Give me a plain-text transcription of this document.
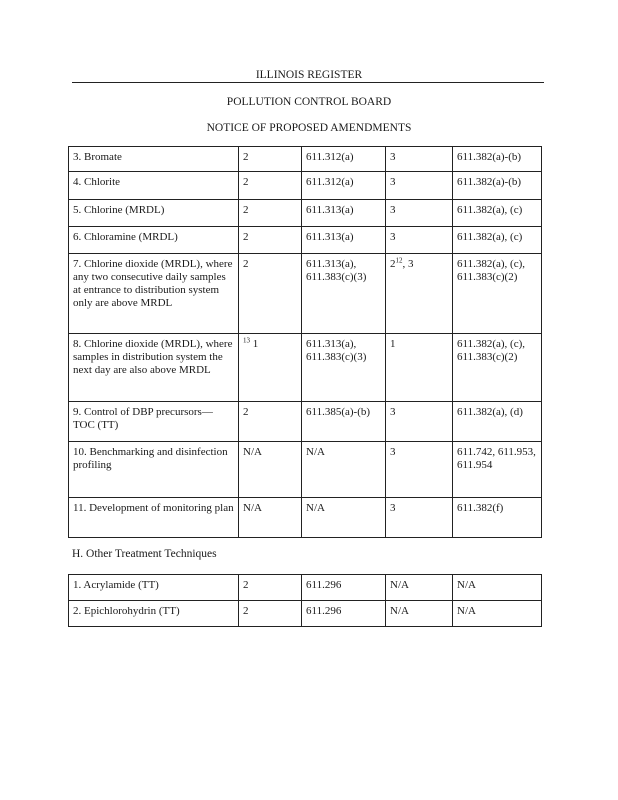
ILLINOIS REGISTER
POLLUTION CONTROL BOARD
NOTICE OF PROPOSED AMENDMENTS
3. Bromate	2	611.312(a)	3	611.382(a)-(b)
4. Chlorite	2	611.312(a)	3	611.382(a)-(b)
5. Chlorine (MRDL)	2	611.313(a)	3	611.382(a), (c)
6. Chloramine (MRDL)	2	611.313(a)	3	611.382(a), (c)
7. Chlorine dioxide (MRDL), where any two consecutive daily samples at entrance to distribution system only are above MRDL	2	611.313(a), 611.383(c)(3)	$2^{12}$, 3	611.382(a), (c), 611.383(c)(2)
8. Chlorine dioxide (MRDL), where samples in distribution system the next day are also above MRDL	$^{13}$ 1	611.313(a), 611.383(c)(3)	1	611.382(a), (c), 611.383(c)(2)
9. Control of DBP precursors—TOC (TT)	2	611.385(a)-(b)	3	611.382(a), (d)
10. Benchmarking and disinfection profiling	N/A	N/A	3	611.742, 611.953, 611.954
11. Development of monitoring plan	N/A	N/A	3	611.382(f)
H. Other Treatment Techniques
1. Acrylamide (TT)	2	611.296	N/A	N/A
2. Epichlorohydrin (TT)	2	611.296	N/A	N/A
